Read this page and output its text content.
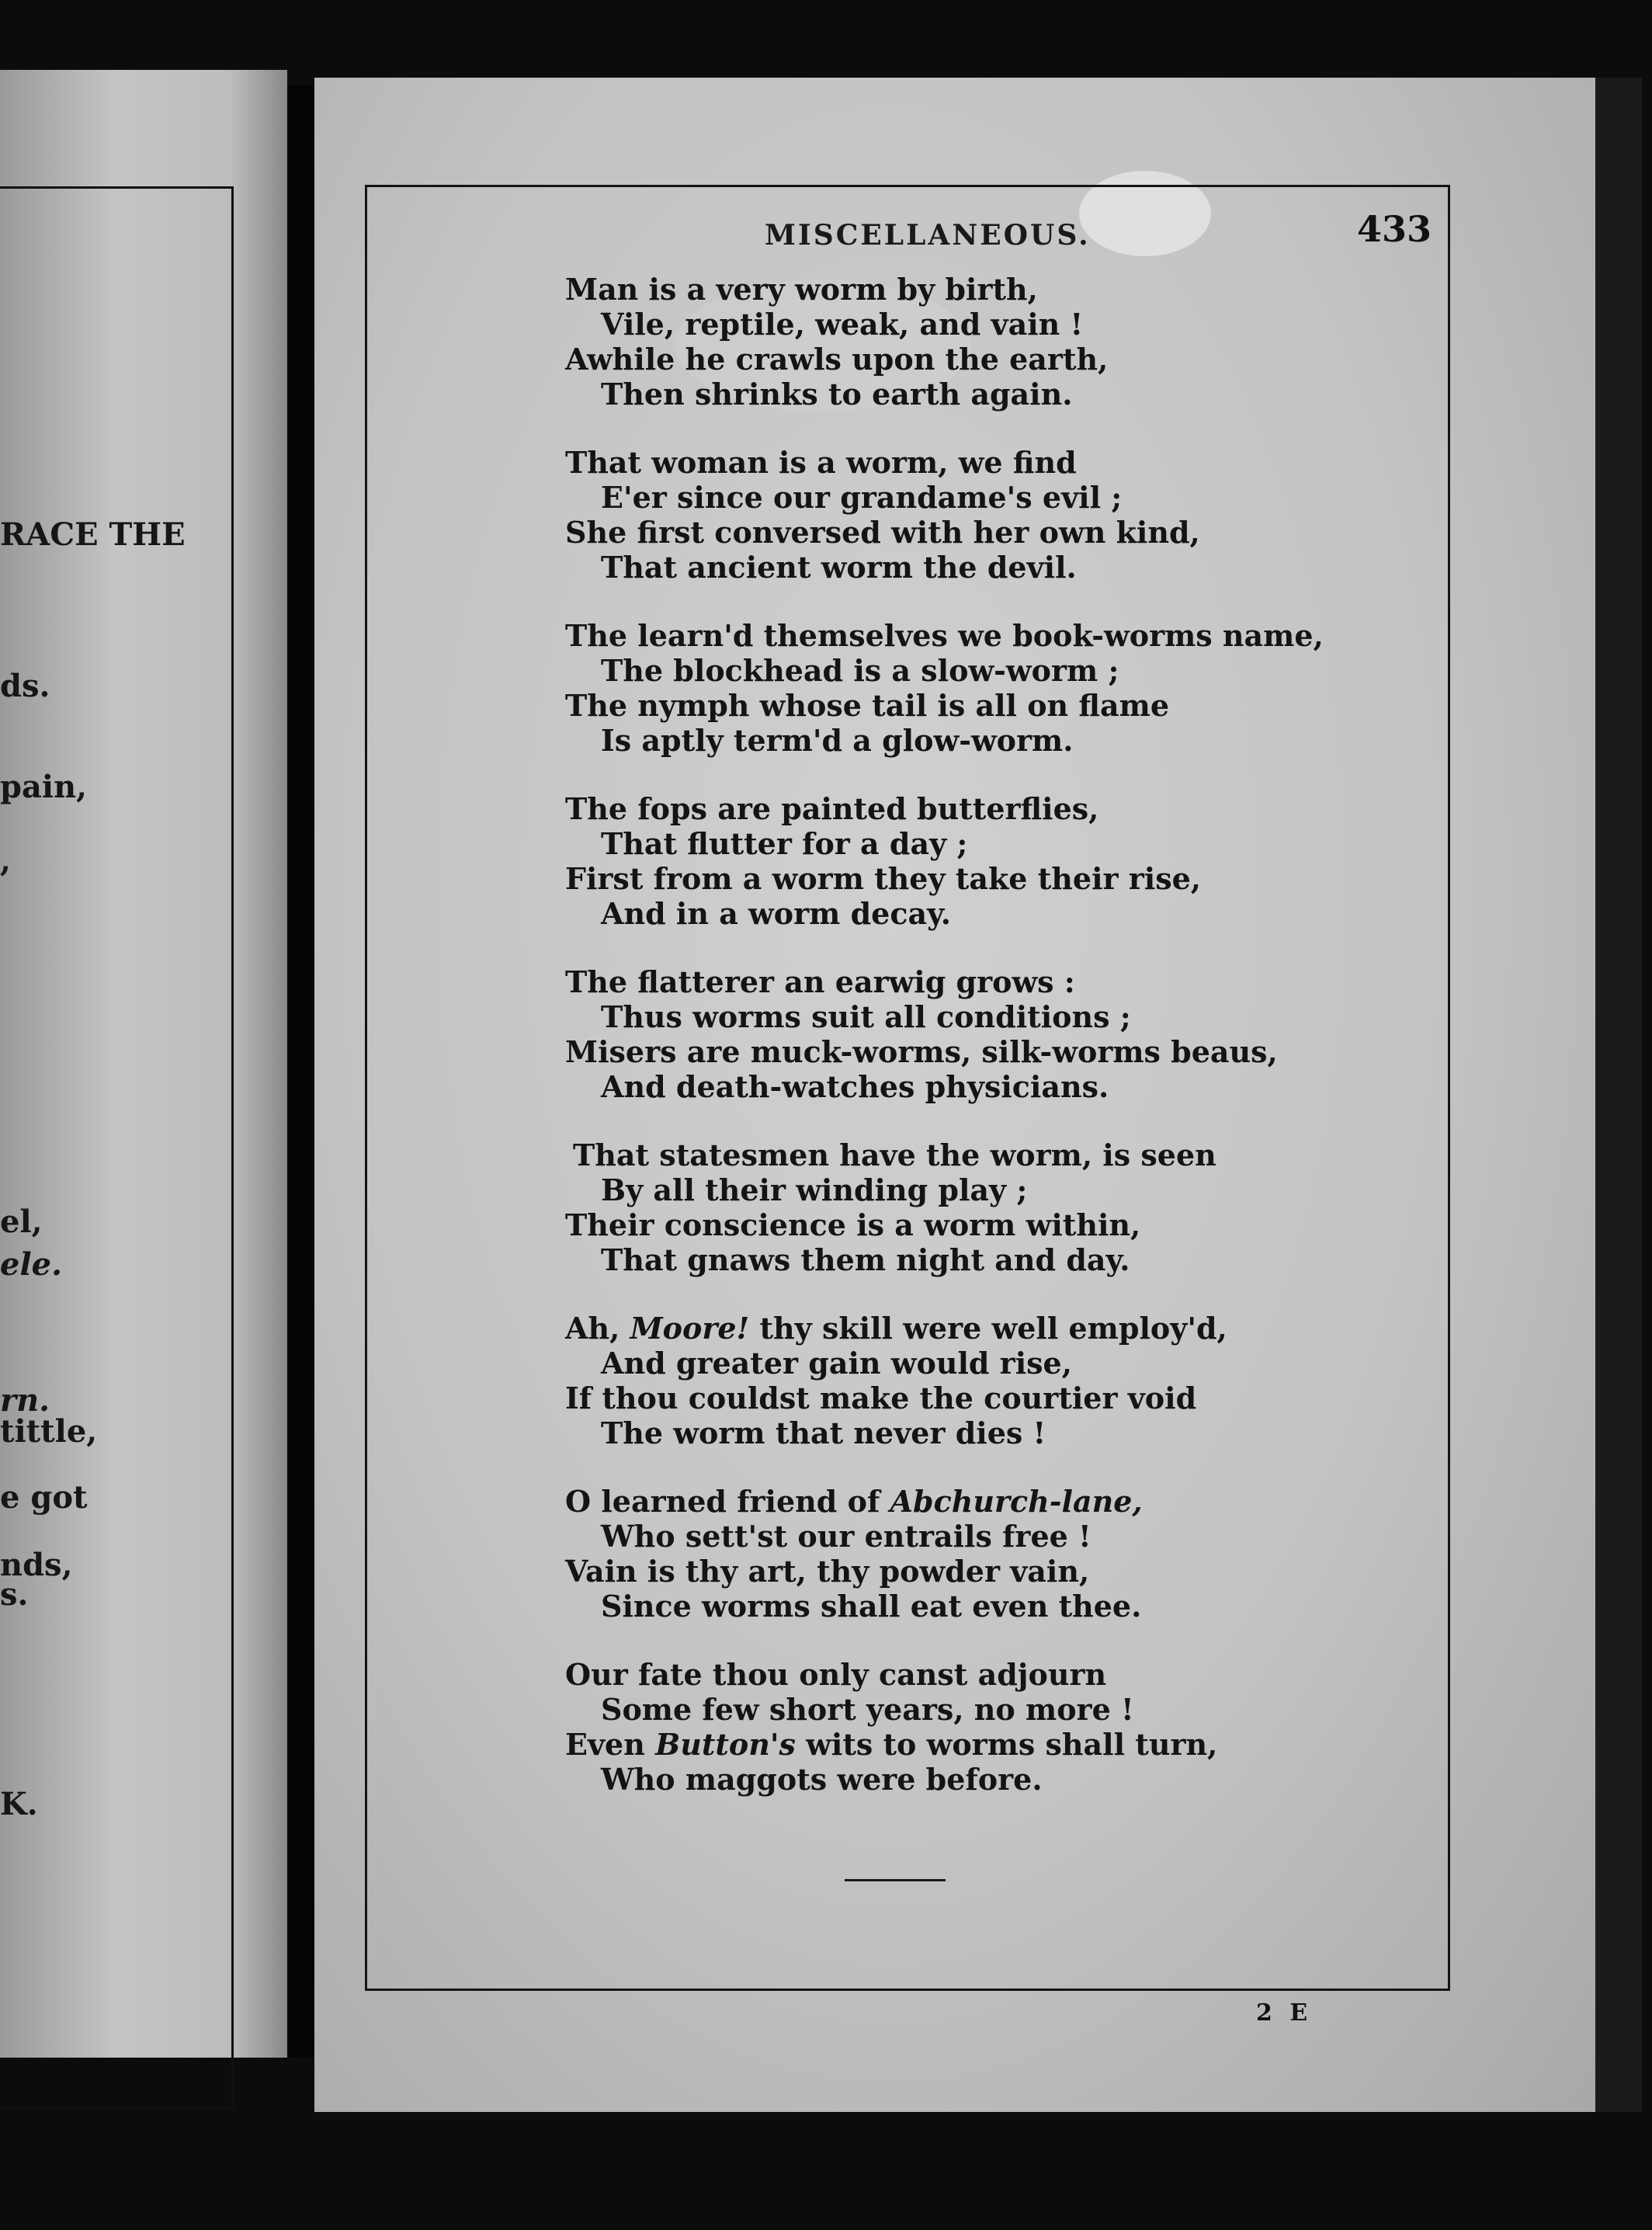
RACE THE
ds.
pain,
,
el,
ele.
rn.
tittle,
e got
nds,
s.
K.
MISCELLANEOUS.	433
Man is a very worm by birth,
Vile, reptile, weak, and vain !
Awhile he crawls upon the earth,
Then shrinks to earth again.
That woman is a worm, we find
E'er since our grandame's evil ;
She first conversed with her own kind,
That ancient worm the devil.
The learn'd themselves we book-worms name,
The blockhead is a slow-worm ;
The nymph whose tail is all on flame
Is aptly term'd a glow-worm.
The fops are painted butterflies,
That flutter for a day ;
First from a worm they take their rise,
And in a worm decay.
The flatterer an earwig grows :
Thus worms suit all conditions ;
Misers are muck-worms, silk-worms beaus,
And death-watches physicians.
That statesmen have the worm, is seen
By all their winding play ;
Their conscience is a worm within,
That gnaws them night and day.
Ah, Moore! thy skill were well employ'd,
And greater gain would rise,
If thou couldst make the courtier void
The worm that never dies !
O learned friend of Abchurch-lane,
Who sett'st our entrails free !
Vain is thy art, thy powder vain,
Since worms shall eat even thee.
Our fate thou only canst adjourn
Some few short years, no more !
Even Button's wits to worms shall turn,
Who maggots were before.
2 E
